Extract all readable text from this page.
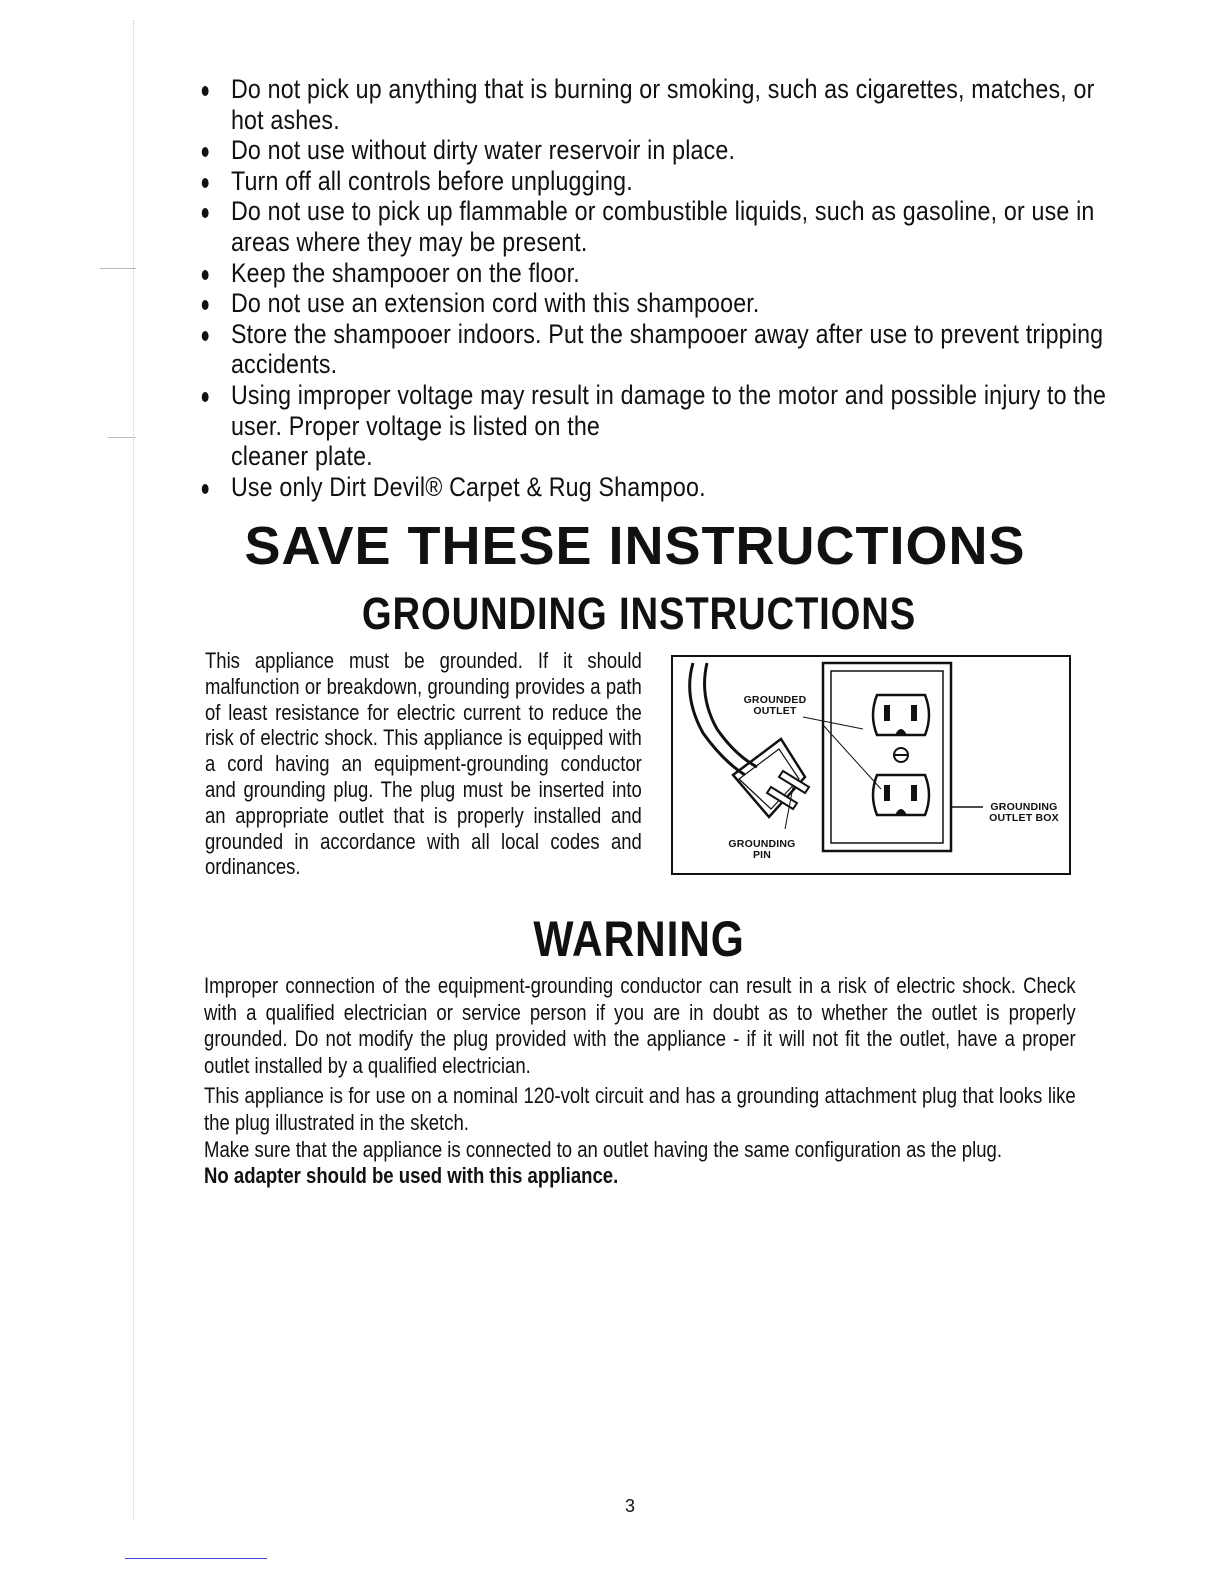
Do not pick up anything that is burning or smoking, such as cigarettes, matches, or hot ashes.
Do not use without dirty water reservoir in place.
Turn off all controls before unplugging.
Do not use to pick up flammable or combustible liquids, such as gasoline, or use in areas where they may be present.
Keep the shampooer on the floor.
Do not use an extension cord with this shampooer.
Store the shampooer indoors. Put the shampooer away after use to prevent tripping accidents.
Using improper voltage may result in damage to the motor and possible injury to the user. Proper voltage is listed on the
cleaner plate.
Use only Dirt Devil® Carpet & Rug Shampoo.
SAVE THESE INSTRUCTIONS
GROUNDING INSTRUCTIONS

This appliance must be grounded. If it should malfunction or breakdown, grounding provides a path of least resistance for electric current to reduce the risk of electric shock. This appliance is equipped with a cord having an equipment-grounding conductor and grounding plug. The plug must be inserted into an appropriate outlet that is properly installed and grounded in accordance with all local codes and ordinances.

GROUNDED
OUTLET
GROUNDING
OUTLET BOX
GROUNDING
PIN
WARNING

Improper connection of the equipment-grounding conductor can result in a risk of electric shock. Check with a qualified electrician or service person if you are in doubt as to whether the outlet is properly grounded. Do not modify the plug provided with the appliance - if it will not fit the outlet, have a proper outlet installed by a qualified electrician.

This appliance is for use on a nominal 120-volt circuit and has a grounding attachment plug that looks like the plug illustrated in the sketch.

Make sure that the appliance is connected to an outlet having the same configuration as the plug.

No adapter should be used with this appliance.

3
